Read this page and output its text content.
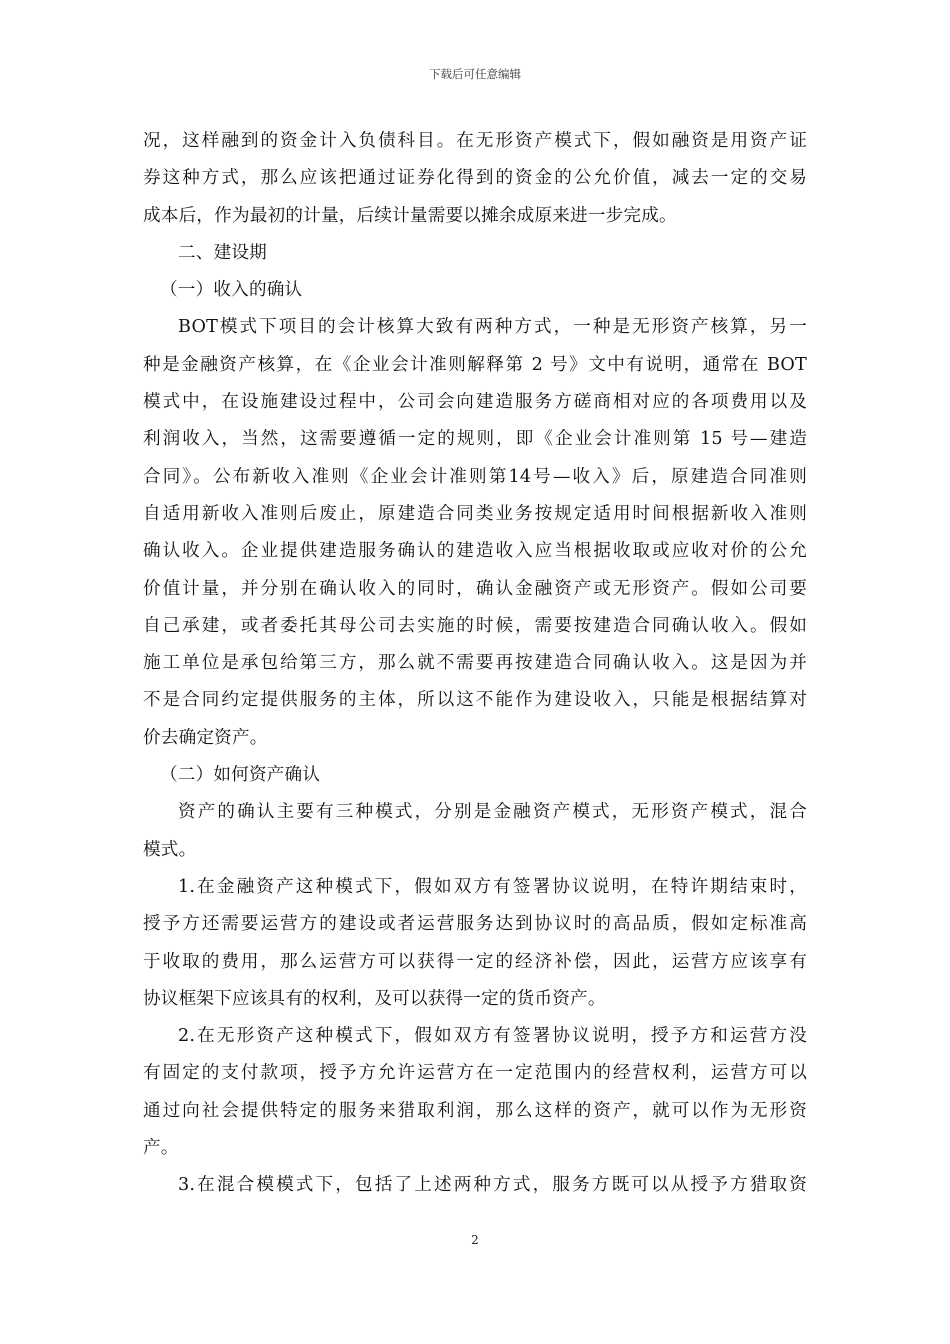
下载后可任意编辑
况，这样融到的资金计入负债科目。在无形资产模式下，假如融资是用资产证
券这种方式，那么应该把通过证券化得到的资金的公允价值，减去一定的交易
成本后，作为最初的计量，后续计量需要以摊余成原来进一步完成。
二、建设期
（一）收入的确认
BOT模式下项目的会计核算大致有两种方式，一种是无形资产核算，另一
种是金融资产核算，在《企业会计准则解释第 2 号》文中有说明，通常在 BOT
模式中，在设施建设过程中，公司会向建造服务方磋商相对应的各项费用以及
利润收入，当然，这需要遵循一定的规则，即《企业会计准则第 15 号—建造
合同》。公布新收入准则《企业会计准则第14号—收入》后，原建造合同准则
自适用新收入准则后废止，原建造合同类业务按规定适用时间根据新收入准则
确认收入。企业提供建造服务确认的建造收入应当根据收取或应收对价的公允
价值计量，并分别在确认收入的同时，确认金融资产或无形资产。假如公司要
自己承建，或者委托其母公司去实施的时候，需要按建造合同确认收入。假如
施工单位是承包给第三方，那么就不需要再按建造合同确认收入。这是因为并
不是合同约定提供服务的主体，所以这不能作为建设收入，只能是根据结算对
价去确定资产。
（二）如何资产确认
资产的确认主要有三种模式，分别是金融资产模式，无形资产模式，混合
模式。
1.在金融资产这种模式下，假如双方有签署协议说明，在特许期结束时，
授予方还需要运营方的建设或者运营服务达到协议时的高品质，假如定标准高
于收取的费用，那么运营方可以获得一定的经济补偿，因此，运营方应该享有
协议框架下应该具有的权利，及可以获得一定的货币资产。
2.在无形资产这种模式下，假如双方有签署协议说明，授予方和运营方没
有固定的支付款项，授予方允许运营方在一定范围内的经营权利，运营方可以
通过向社会提供特定的服务来猎取利润，那么这样的资产，就可以作为无形资
产。
3.在混合模模式下，包括了上述两种方式，服务方既可以从授予方猎取资
2
